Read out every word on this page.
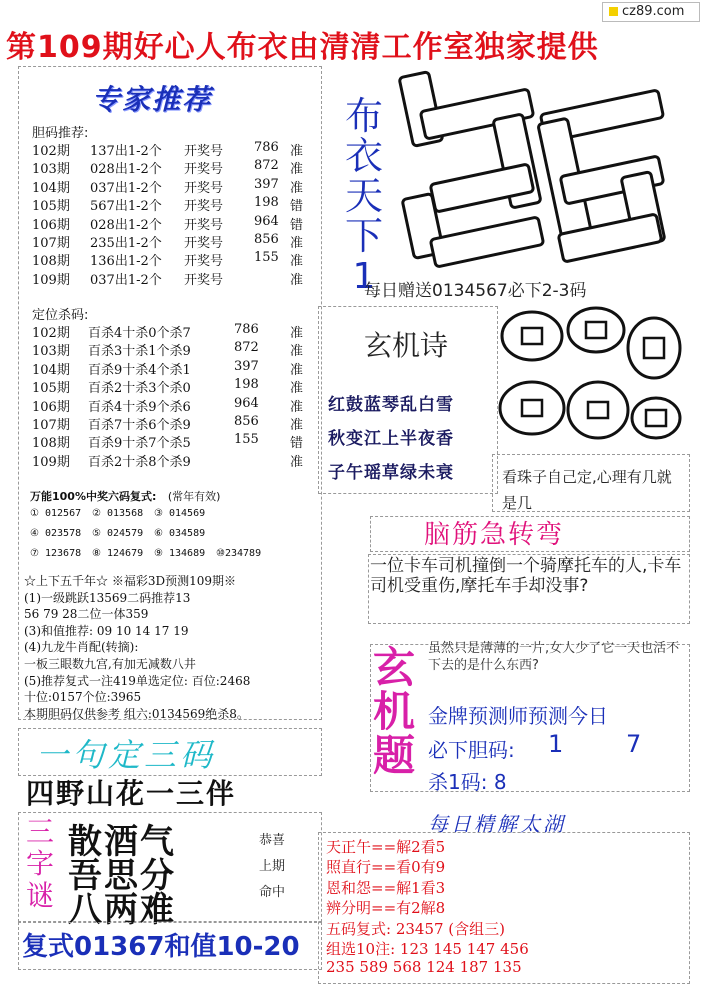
cz89.com
第109期好心人布衣由清清工作室独家提供
专家推荐
胆码推荐:
102期 137出1-2个 开奖号 786 准
103期 028出1-2个 开奖号 872 准
104期 037出1-2个 开奖号 397 准
105期 567出1-2个 开奖号 198 错
106期 028出1-2个 开奖号 964 错
107期 235出1-2个 开奖号 856 准
108期 136出1-2个 开奖号 155 准
109期 037出1-2个 开奖号	准
定位杀码:
102期 百杀4十杀0个杀7	786 准
103期 百杀3十杀1个杀9	872 准
104期 百杀9十杀4个杀1	397 准
105期 百杀2十杀3个杀0	198 准
106期 百杀4十杀9个杀6	964 准
107期 百杀7十杀6个杀9	856 准
108期 百杀9十杀7个杀5	155 错
109期 百杀2十杀8个杀9	准
万能100%中奖六码复式: (常年有效)
① 012567 ② 013568 ③ 014569
④ 023578 ⑤ 024579 ⑥ 034589
⑦ 123678 ⑧ 124679 ⑨ 134689 ⑩234789
☆上下五千年☆ ※福彩3D预测109期※
(1)一级跳跃13569二码推荐13
56 79 28二位一体359
(3)和值推荐: 09 10 14 17 19
(4)九龙牛肖配(转摘):
一板三眼数九宫,有加无减数八井
(5)推荐复式一注419单选定位: 百位:2468
十位:0157个位:3965
本期胆码仅供参考 组六:0134569绝杀8。
布
衣
天
下
1
每日赠送0134567必下2-3码
玄机诗
红鼓蓝琴乱白雪
秋变江上半夜香
子午瑶草绿未衰	看珠子自己定,心理有几就是几
脑筋急转弯
一位卡车司机撞倒一个骑摩托车的人,卡车司机受重伤,摩托车手却没事?
玄机题
虽然只是薄薄的一片,女人少了它一天也活不下去的是什么东西?
金牌预测师预测今日
必下胆码: 1	7
杀1码: 8
每日精解太湖
天正午==解2看5
照直行==看0有9
恩和怨==解1看3
辨分明==有2解8
五码复式: 23457 (含组三)
组选10注: 123 145 147 456
235 589 568 124 187 135
一句定三码
四野山花一三伴
三字谜
散酒气
吾思分
八两难
恭喜
上期
命中
复式01367和值10-20
